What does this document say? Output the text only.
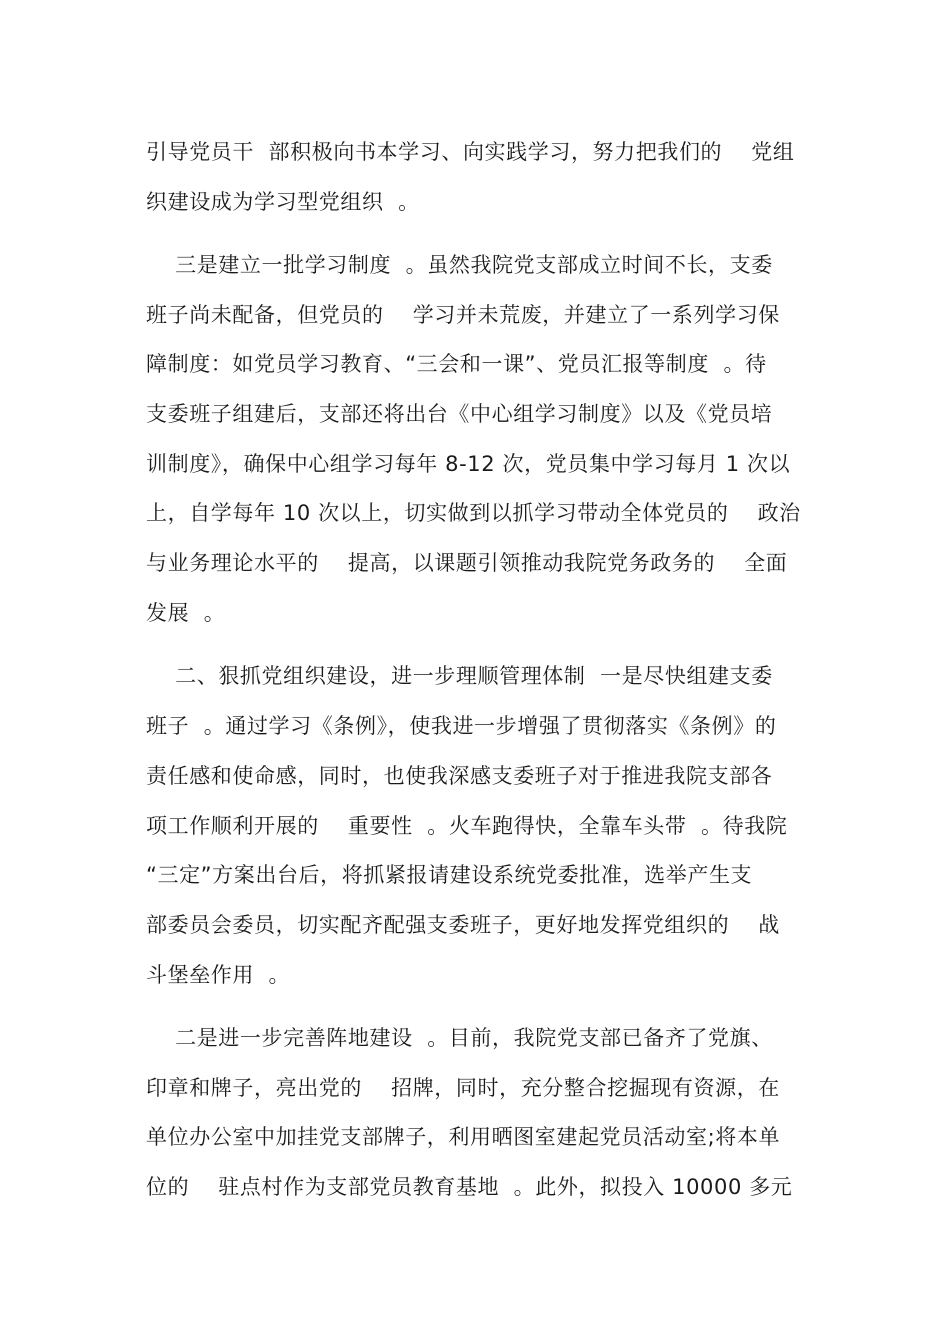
引导党员干  部积极向书本学习、向实践学习，努力把我们的    党组
织建设成为学习型党组织  。
三是建立一批学习制度  。虽然我院党支部成立时间不长，支委
班子尚未配备，但党员的    学习并未荒废，并建立了一系列学习保
障制度：如党员学习教育、“三会和一课”、党员汇报等制度  。待
支委班子组建后，支部还将出台《中心组学习制度》以及《党员培
训制度》，确保中心组学习每年 8-12 次，党员集中学习每月 1 次以
上，自学每年 10 次以上，切实做到以抓学习带动全体党员的    政治
与业务理论水平的    提高，以课题引领推动我院党务政务的    全面
发展  。
二、狠抓党组织建设，进一步理顺管理体制  一是尽快组建支委
班子  。通过学习《条例》，使我进一步增强了贯彻落实《条例》的
责任感和使命感，同时，也使我深感支委班子对于推进我院支部各
项工作顺利开展的    重要性  。火车跑得快，全靠车头带  。待我院
“三定”方案出台后，将抓紧报请建设系统党委批准，选举产生支
部委员会委员，切实配齐配强支委班子，更好地发挥党组织的    战
斗堡垒作用  。
二是进一步完善阵地建设  。目前，我院党支部已备齐了党旗、
印章和牌子，亮出党的    招牌，同时，充分整合挖掘现有资源，在
单位办公室中加挂党支部牌子，利用晒图室建起党员活动室;将本单
位的    驻点村作为支部党员教育基地  。此外，拟投入 10000 多元
